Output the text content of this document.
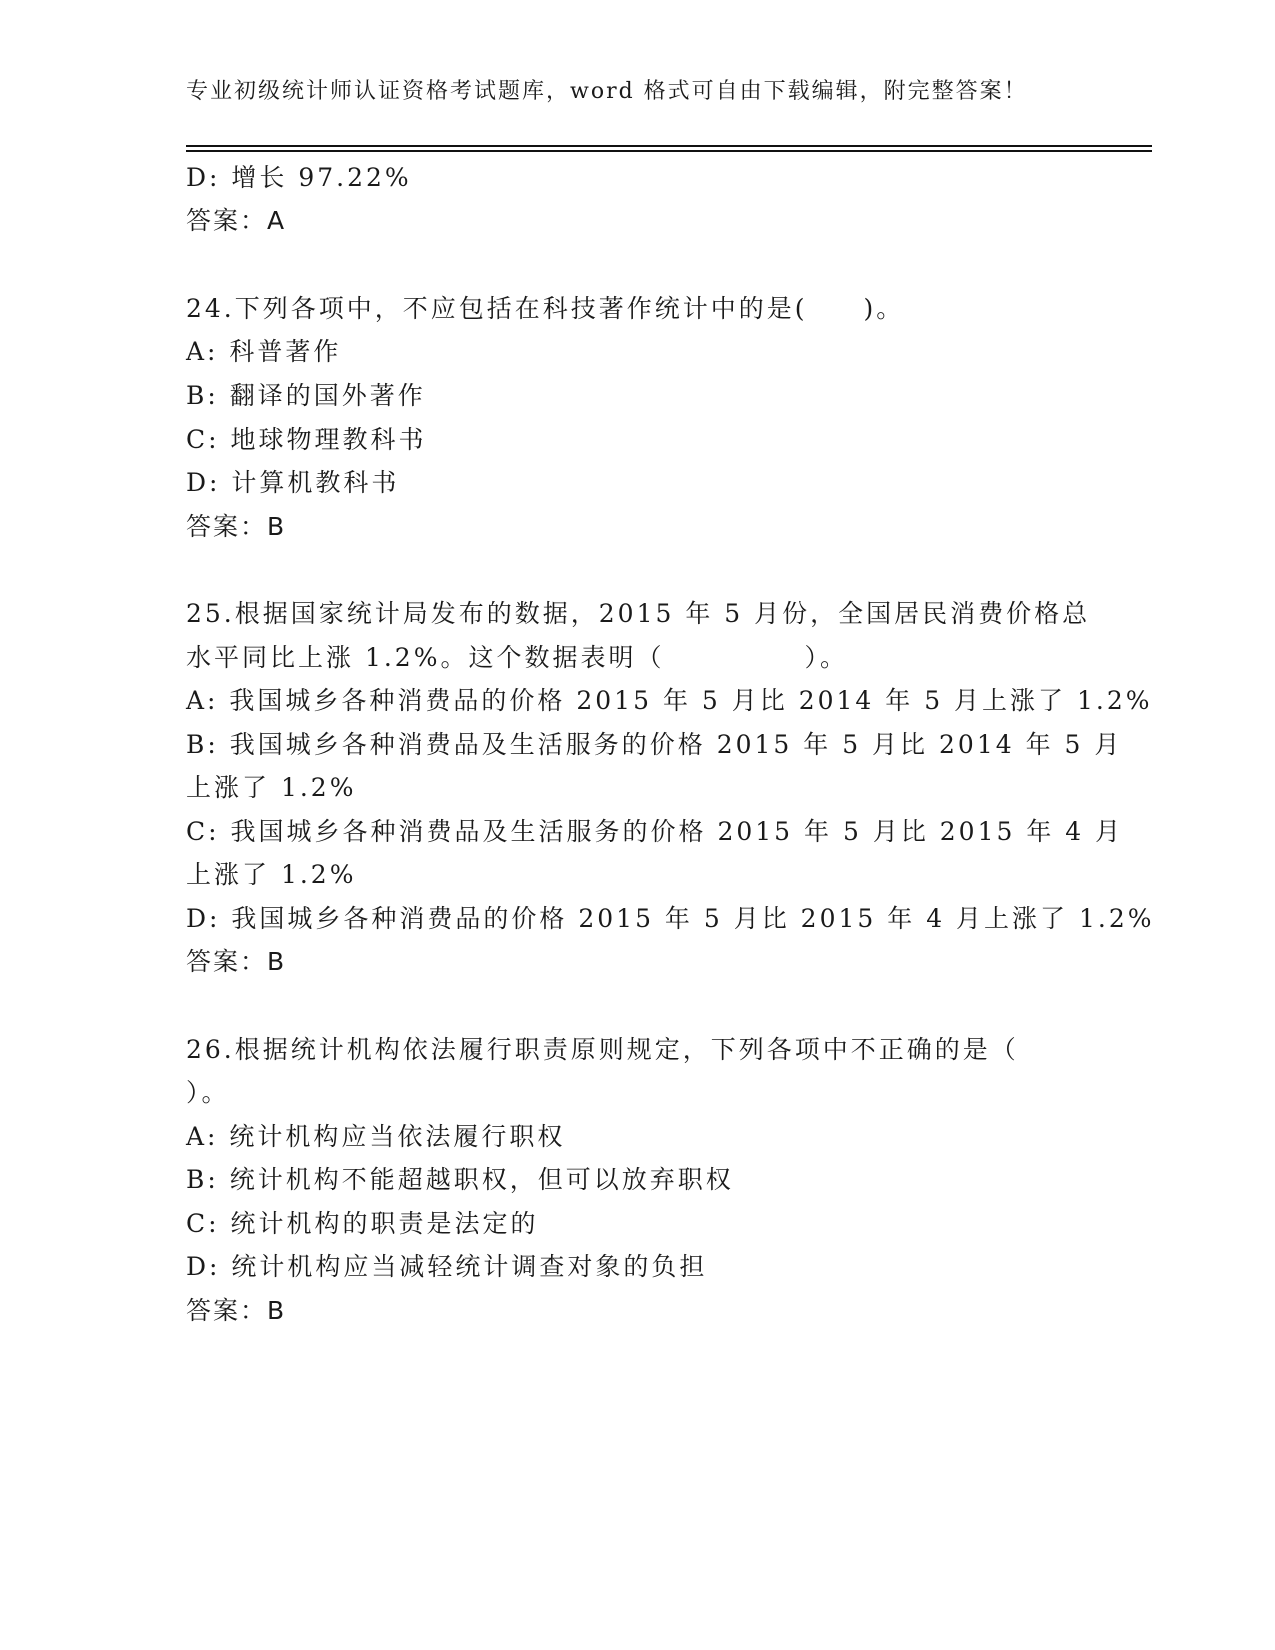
专业初级统计师认证资格考试题库，word 格式可自由下载编辑，附完整答案！
D: 增长 97.22%
答案：A
24.下列各项中，不应包括在科技著作统计中的是(　　)。
A: 科普著作
B: 翻译的国外著作
C: 地球物理教科书
D: 计算机教科书
答案：B
25.根据国家统计局发布的数据，2015 年 5 月份，全国居民消费价格总
水平同比上涨 1.2%。这个数据表明（　　　　　）。
A: 我国城乡各种消费品的价格 2015 年 5 月比 2014 年 5 月上涨了 1.2%
B: 我国城乡各种消费品及生活服务的价格 2015 年 5 月比 2014 年 5 月
上涨了 1.2%
C: 我国城乡各种消费品及生活服务的价格 2015 年 5 月比 2015 年 4 月
上涨了 1.2%
D: 我国城乡各种消费品的价格 2015 年 5 月比 2015 年 4 月上涨了 1.2%
答案：B
26.根据统计机构依法履行职责原则规定，下列各项中不正确的是（
）。
A: 统计机构应当依法履行职权
B: 统计机构不能超越职权，但可以放弃职权
C: 统计机构的职责是法定的
D: 统计机构应当减轻统计调查对象的负担
答案：B
